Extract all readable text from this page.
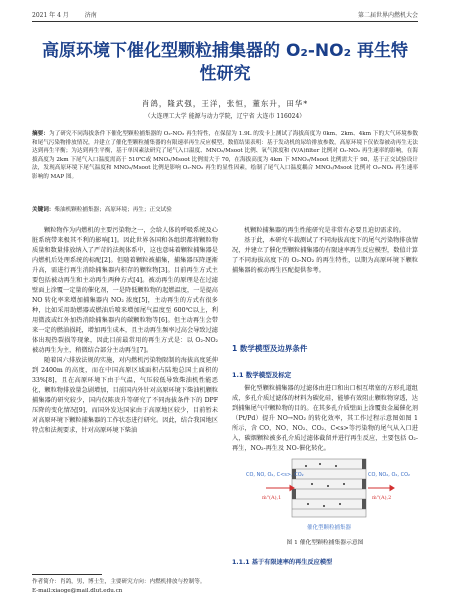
2021 年 4 月	济南	第二届世界内燃机大会
高原环境下催化型颗粒捕集器的 O₂-NO₂ 再生特
性研究
肖鸽，隆武强，王洋，张恒，董东升，田华*
（大连理工大学 能源与动力学院，辽宁省 大连市 116024）
摘要：为了研究不同海拔条件下催化型颗粒捕集器的 O₂-NO₂ 再生特性，在保留为 1.9L 的发卡上测试了海拔高度为 0km、2km、4km 下的大气环境参数和尾气污染物排放情况，并建立了催化型颗粒捕集器的有限速率再生反应模型，数值结果表明：基于发动机的尿给排放参数，高原环境下仅依靠被动再生无法达到再生平衡；为达到再生平衡，基于单因素法研究了尾气入口温度、MNO₂/Msoot 比例、氧气浓度和 (V/A)filter 比例对 O₂-NO₂ 再生速率的影响，在海拔高度为 2km 下尾气入口温度需高于 510℃或 MNO₂/Msoot 比例需大于 70，在海拔高度为 4km 下 MNO₂/Msoot 比例需大于 98，基于正交试验设计法，发现高原环境下尾气温度和 MNO₂/Msoot 比例是影响 O₂-NO₂ 再生的显性因素，绘制了尾气入口温度耦合 MNO₂/Msoot 比例对 O₂-NO₂ 再生速率影响的 MAP 图。
关键词：柴油机颗粒捕集器；高原环境；再生；正交试验

颗粒物作为内燃机的主要污染物之一，会给人体的呼吸系统及心脏系统带来极其不利的影响[1]。因此世界各国和各组织都将颗粒物质量和数量排放纳入了严苛的法规体系中，这也意味着颗粒捕集器是内燃机后处理系统的标配[2]。但随着颗粒被捕集，捕集器压降逐渐升高，需进行再生消除捕集器内积存的颗粒物[3]。目前再生方式主要包括被动再生和主动再生两种方式[4]。被动再生的原理是在过滤壁面上涂覆一定量的催化剂，一是降低颗粒物的起燃温度，一是提高 NO 转化率来增加捕集器内 NO₂ 浓度[5]，主动再生的方式有很多种，比如采用助燃器或燃油后喷来增加尾气温度至 600℃以上，利用微波或红外加热消除捕集器内的碳颗粒物等[6]。但主动再生会带来一定的燃油损耗，增加再生成本，且主动再生频率过高会导致过滤体出现热裂损等现象，因此目前最常用的再生方式是：以 O₂-NO₂ 被动再生为主，稍微结合部分主动再生[7]。

随着国六排放法规的实施，对内燃机污染物限制的海拔高度延伸到 2400m 的高度，而在中国高原区域面积占陆地总国土面积的 33%[8]，且在高原环境下由于气温，气压较低导致柴油机性能恶化，颗粒物排放量急剧增加，目前国内外针对高原环境下柴油机颗粒捕集器的研究较少，国内仅陈贵升等研究了不同海拔条件下的 DPF 压降的变化情况[9]，而国外发达国家由于高原地区较少，目前暂未对高原环境下颗粒捕集器的工作状态进行研究。因此，结合我国地区特点和法规要求，针对高原环境下柴油

机颗粒捕集器的再生性能研究是非常有必要且迫切需求的。

基于此，本研究车载测试了不同海拔高度下的尾气污染物排放情况，并建立了催化型颗粒捕集器的有限速率再生反应模型，数值计算了不同海拔高度下的 O₂-NO₂ 的再生特性，以期为高原环境下颗粒捕集器的被动再生匹配提供参考。

1 数学模型及边界条件
1.1 数学模型及标定
催化型颗粒捕集器的过滤体由进口和出口相互堵塞的方形孔道组成，多孔介质过滤体的材料为碳化硅，能够有效阻止颗粒物穿透，达到捕集尾气中颗粒物的目的。在其多孔介质壁面上涂覆贵金属催化剂（Pt/Pd）提升 NO→NO₂ 的转化效率，其工作过程示意图如图 1 所示，含 CO、NO、NO₂、CO₂、C<s>等污染物的尾气从入口进入，碳烟颗粒被多孔介质过滤体截留并进行再生反应，主要包括 O₂-再生，NO₂-再生及 NO-催化转化。
CO, NO, O₂, C<s>, CO₂	CO, NO₂, O₂, CO₂
ṁ"(A),1	ṁ"(A),2
催化型颗粒捕集器
图 1 催化型颗粒捕集器示意图
1.1.1 基于有限速率的再生反应模型
作者简介：肖鸽，男，博士生，主要研究方向：内燃机排放与控制等。
E-mail:xiaoge@mail.dlut.edu.cn
